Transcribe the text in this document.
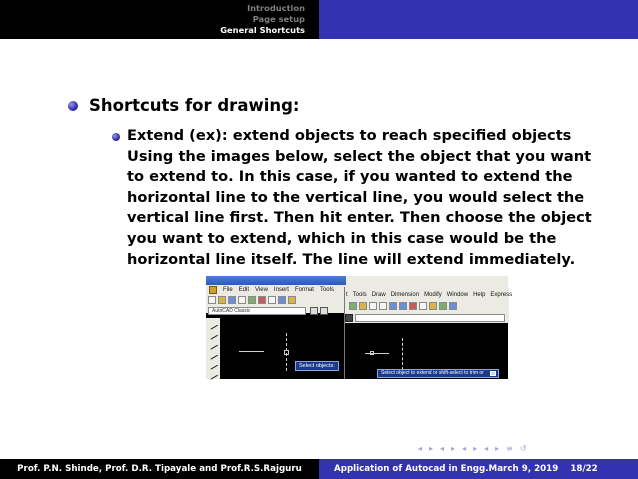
Introduction
Page setup
General Shortcuts
Shortcuts for drawing:
Extend (ex): extend objects to reach specified objects Using the images below, select the object that you want to extend to. In this case, if you wanted to extend the horizontal line to the vertical line, you would select the vertical line first. Then hit enter. Then choose the object you want to extend, which in this case would be the horizontal line itself. The line will extend immediately.
File Edit View Insert Format Tools
AutoCAD Classic
Select objects:
t Tools Draw Dimension Modify Window Help Express
Select object to extend or shift-select to trim or
◂ ▸ ◂ ▸ ◂ ▸ ◂ ▸ ≡ ↺
Prof. P.N. Shinde, Prof. D.R. Tipayale and Prof.R.S.Rajguru	Application of Autocad in Engg.March 9, 2019 18/22
